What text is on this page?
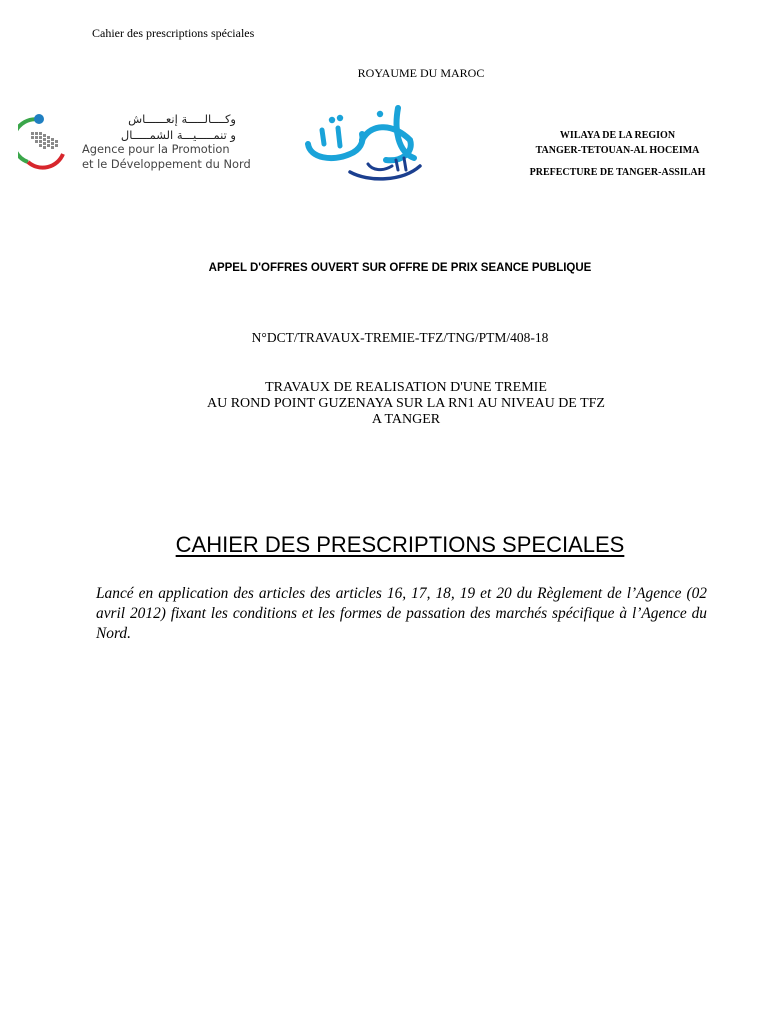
Cahier des prescriptions spéciales
ROYAUME DU MAROC
وكــــالـــــة إنعــــــاش
و تنمـــــيـــة الشمـــــال
Agence pour la Promotion
et le Développement du Nord
WILAYA DE LA REGION
TANGER-TETOUAN-AL HOCEIMA
PREFECTURE DE TANGER-ASSILAH
APPEL D'OFFRES OUVERT SUR OFFRE DE PRIX SEANCE PUBLIQUE
N°DCT/TRAVAUX-TREMIE-TFZ/TNG/PTM/408-18
TRAVAUX DE REALISATION D'UNE TREMIE
AU ROND POINT GUZENAYA SUR LA RN1 AU NIVEAU DE TFZ
A TANGER
CAHIER DES PRESCRIPTIONS SPECIALES
Lancé en application des articles des articles 16, 17, 18, 19 et 20 du Règlement de l’Agence (02 avril 2012) fixant les conditions et les formes de passation des marchés spécifique à l’Agence du Nord.
